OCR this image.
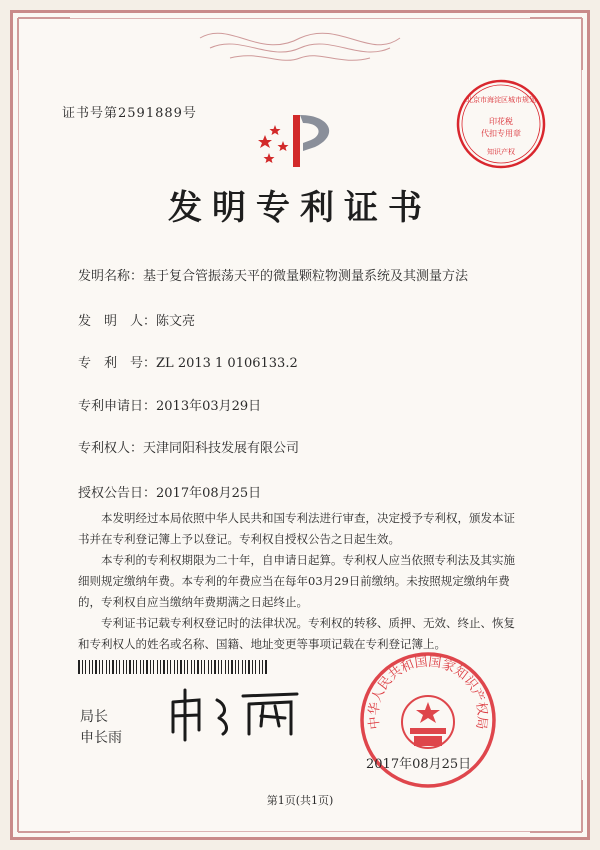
证书号第2591889号
发明专利证书
印花税
代扣专用章
北京市海淀区城市规划
知识产权
发明名称：基于复合管振荡天平的微量颗粒物测量系统及其测量方法
发　明　人：陈文亮
专　利　号：ZL 2013 1 0106133.2
专利申请日：2013年03月29日
专利权人：天津同阳科技发展有限公司
授权公告日：2017年08月25日

本发明经过本局依照中华人民共和国专利法进行审查，决定授予专利权，颁发本证书并在专利登记簿上予以登记。专利权自授权公告之日起生效。

本专利的专利权期限为二十年，自申请日起算。专利权人应当依照专利法及其实施细则规定缴纳年费。本专利的年费应当在每年03月29日前缴纳。未按照规定缴纳年费的，专利权自应当缴纳年费期满之日起终止。

专利证书记载专利权登记时的法律状况。专利权的转移、质押、无效、终止、恢复和专利权人的姓名或名称、国籍、地址变更等事项记载在专利登记簿上。

局长
申长雨
中华人民共和国国家知识产权局
2017年08月25日
第1页(共1页)
